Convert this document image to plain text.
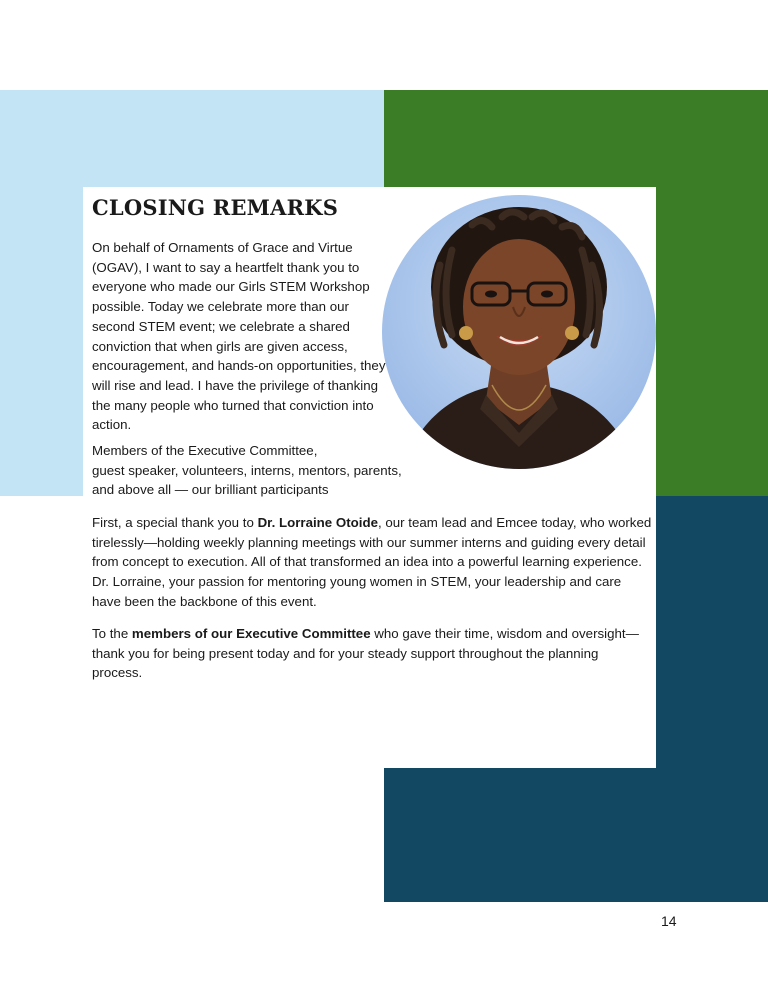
CLOSING REMARKS

On behalf of Ornaments of Grace and Virtue (OGAV), I want to say a heartfelt thank you to everyone who made our Girls STEM Workshop possible. Today we celebrate more than our second STEM event; we celebrate a shared conviction that when girls are given access, encouragement, and hands-on opportunities, they will rise and lead. I have the privilege of thanking the many people who turned that conviction into action.

Members of the Executive Committee,
guest speaker, volunteers, interns, mentors, parents,
and above all — our brilliant participants

First, a special thank you to Dr. Lorraine Otoide, our team lead and Emcee today, who worked tirelessly—holding weekly planning meetings with our summer interns and guiding every detail from concept to execution. All of that transformed an idea into a powerful learning experience. Dr. Lorraine, your passion for mentoring young women in STEM, your leadership and care have been the backbone of this event.

To the members of our Executive Committee who gave their time, wisdom and oversight—thank you for being present today and for your steady support throughout the planning process.

14
